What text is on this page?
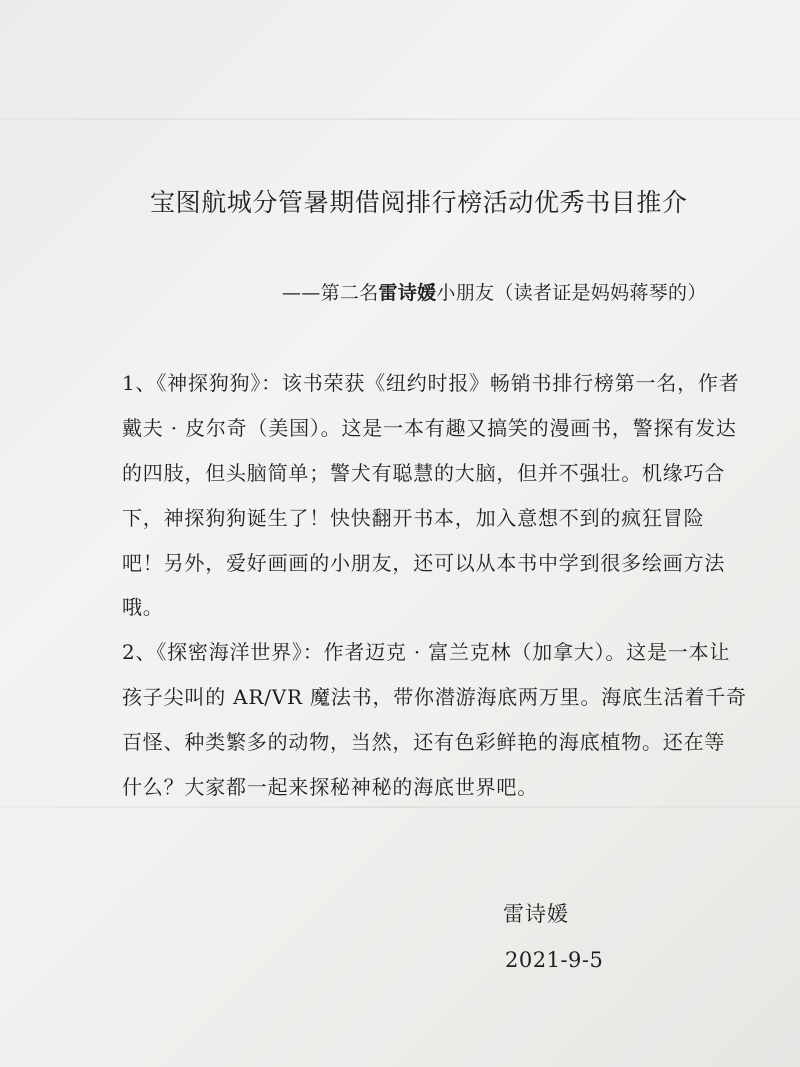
宝图航城分管暑期借阅排行榜活动优秀书目推介
——第二名雷诗媛小朋友（读者证是妈妈蒋琴的）
1、《神探狗狗》：该书荣获《纽约时报》畅销书排行榜第一名，作者
戴夫 · 皮尔奇（美国）。这是一本有趣又搞笑的漫画书，警探有发达
的四肢，但头脑简单；警犬有聪慧的大脑，但并不强壮。机缘巧合
下，神探狗狗诞生了！快快翻开书本，加入意想不到的疯狂冒险
吧！另外，爱好画画的小朋友，还可以从本书中学到很多绘画方法
哦。
2、《探密海洋世界》：作者迈克 · 富兰克林（加拿大）。这是一本让
孩子尖叫的 AR/VR 魔法书，带你潜游海底两万里。海底生活着千奇
百怪、种类繁多的动物，当然，还有色彩鲜艳的海底植物。还在等
什么？大家都一起来探秘神秘的海底世界吧。
雷诗媛
2021-9-5
